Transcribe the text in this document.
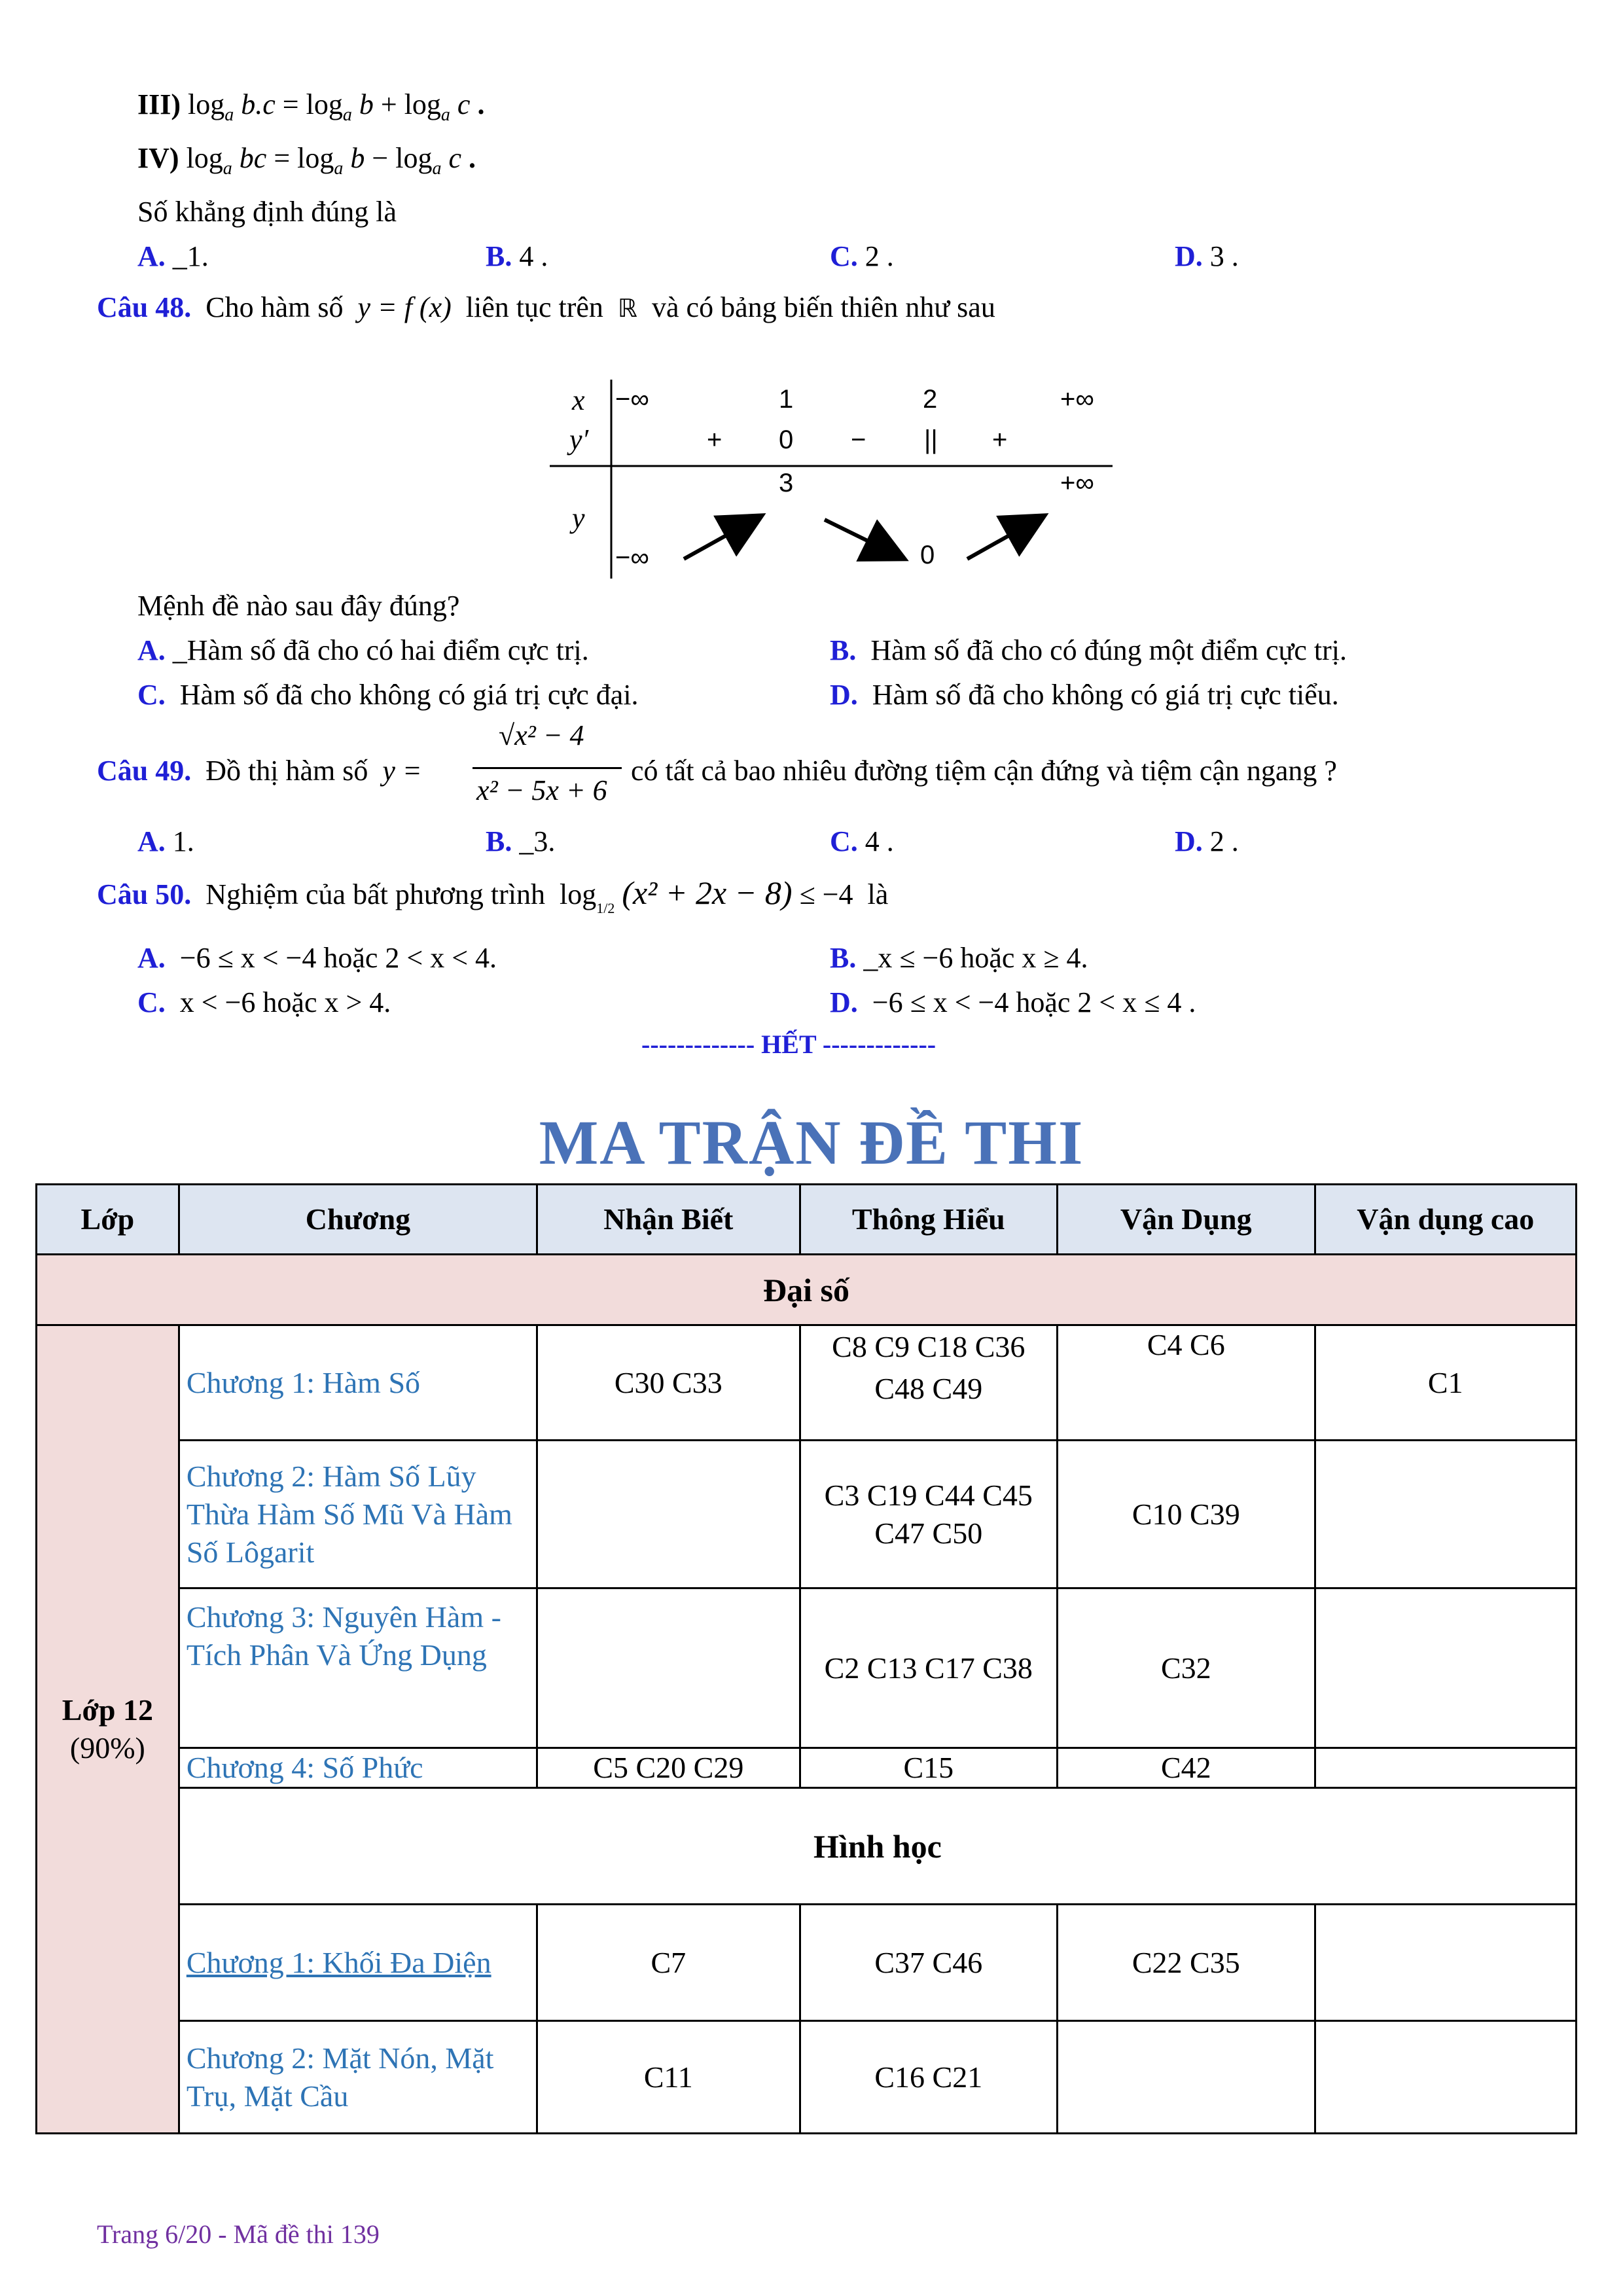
III) $\log_a b.c = \log_a b + \log_a c$ .
IV) $\log_a$ bc = $\log_a b - \log_a c$ .
Số khẳng định đúng là
A. _1.	B. 4 .	C. 2 .	D. 3 .
Câu 48. Cho hàm số y = f (x) liên tục trên ℝ và có bảng biến thiên như sau
x
y′
y
−∞	1	2	+∞
+ 0 − || +
3	+∞
−∞	0
Mệnh đề nào sau đây đúng?
A. _Hàm số đã cho có hai điểm cực trị.	B. Hàm số đã cho có đúng một điểm cực trị.
C. Hàm số đã cho không có giá trị cực đại.	D. Hàm số đã cho không có giá trị cực tiểu.
Câu 49. Đồ thị hàm số y =
√x² − 4
x² − 5x + 6
có tất cả bao nhiêu đường tiệm cận đứng và tiệm cận ngang ?
A. 1.	B. _3.	C. 4 .	D. 2 .
Câu 50. Nghiệm của bất phương trình $\log_{1/2} (x^2 + 2x - 8) \le -4$ là
A. −6 ≤ x < −4 hoặc 2 < x < 4.	B. _x ≤ −6 hoặc x ≥ 4.
C. x < −6 hoặc x > 4.	D. −6 ≤ x < −4 hoặc 2 < x ≤ 4 .
------------- HẾT -------------
MA TRẬN ĐỀ THI
Lớp	Chương	Nhận Biết	Thông Hiểu	Vận Dụng	Vận dụng cao
Đại số					

Lớp 12
(90%)	Chương 1: Hàm Số	C30 C33	C8 C9 C18 C36 C48 C49	C4 C6	C1
	Chương 2: Hàm Số Lũy Thừa Hàm Số Mũ Và Hàm Số Lôgarit		C3 C19 C44 C45 C47 C50	C10 C39	
	Chương 3: Nguyên Hàm - Tích Phân Và Ứng Dụng		C2 C13 C17 C38	C32	
	Chương 4: Số Phức	C5 C20 C29	C15	C42	
	Hình học				
	Chương 1: Khối Đa Diện	C7	C37 C46	C22 C35	
	Chương 2: Mặt Nón, Mặt Trụ, Mặt Cầu	C11	C16 C21		
Trang 6/20 - Mã đề thi 139
